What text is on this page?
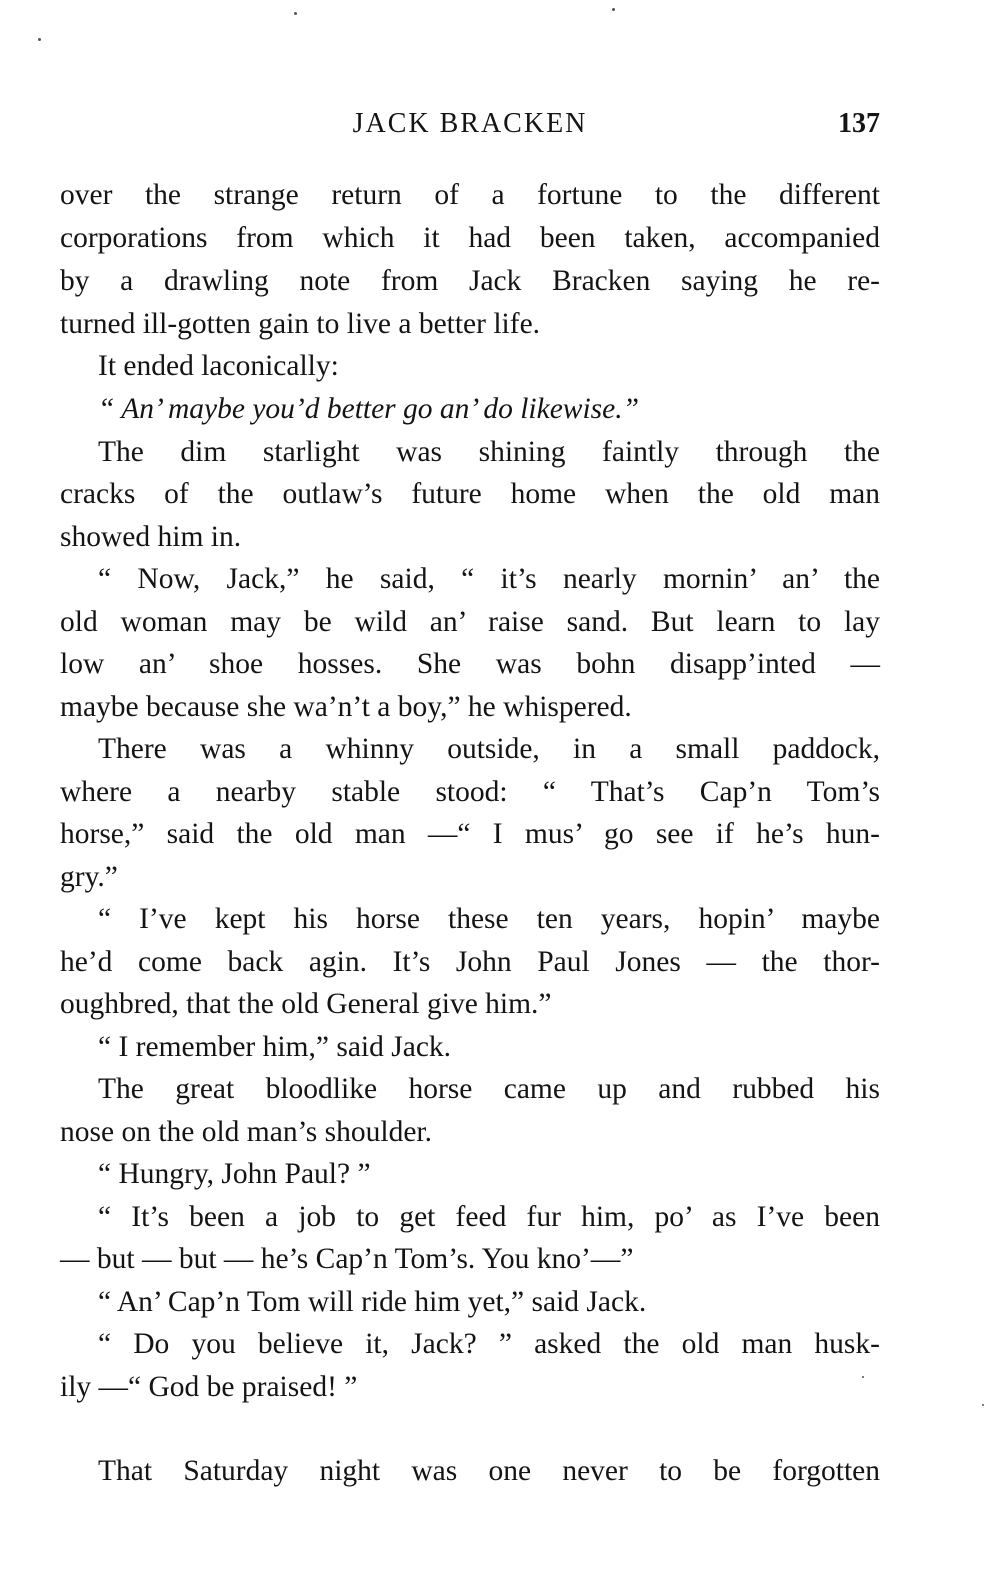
JACK BRACKEN	137
over the strange return of a fortune to the different
corporations from which it had been taken, accompanied
by a drawling note from Jack Bracken saying he re-
turned ill-gotten gain to live a better life.
It ended laconically:
“ An’ maybe you’d better go an’ do likewise.”
The dim starlight was shining faintly through the
cracks of the outlaw’s future home when the old man
showed him in.
“ Now, Jack,” he said, “ it’s nearly mornin’ an’ the
old woman may be wild an’ raise sand. But learn to lay
low an’ shoe hosses. She was bohn disapp’inted —
maybe because she wa’n’t a boy,” he whispered.
There was a whinny outside, in a small paddock,
where a nearby stable stood: “ That’s Cap’n Tom’s
horse,” said the old man —“ I mus’ go see if he’s hun-
gry.”
“ I’ve kept his horse these ten years, hopin’ maybe
he’d come back agin. It’s John Paul Jones — the thor-
oughbred, that the old General give him.”
“ I remember him,” said Jack.
The great bloodlike horse came up and rubbed his
nose on the old man’s shoulder.
“ Hungry, John Paul? ”
“ It’s been a job to get feed fur him, po’ as I’ve been
— but — but — he’s Cap’n Tom’s. You kno’—”
“ An’ Cap’n Tom will ride him yet,” said Jack.
“ Do you believe it, Jack? ” asked the old man husk-
ily —“ God be praised! ”
That Saturday night was one never to be forgotten
